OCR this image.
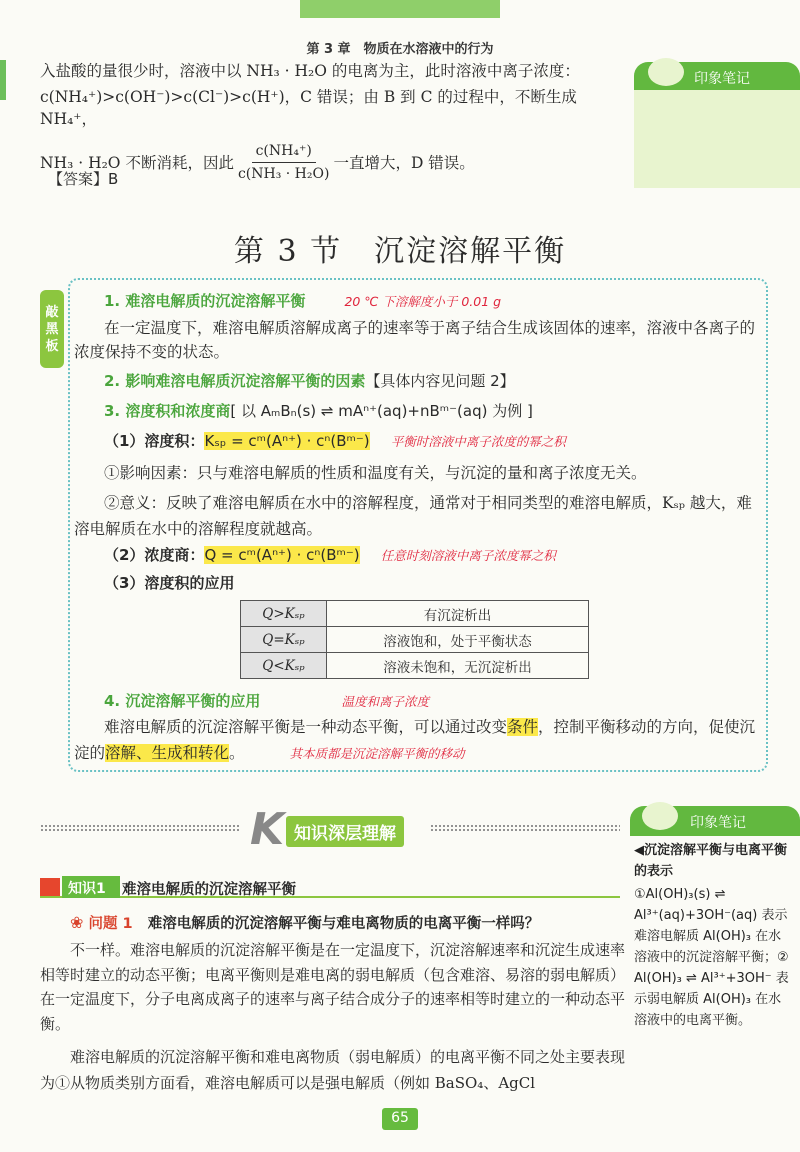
第 3 章　物质在水溶液中的行为
入盐酸的量很少时，溶液中以 NH₃ · H₂O 的电离为主，此时溶液中离子浓度：
c(NH₄⁺)>c(OH⁻)>c(Cl⁻)>c(H⁺)，C 错误；由 B 到 C 的过程中，不断生成 NH₄⁺，
NH₃ · H₂O 不断消耗，因此 $\frac{\text{c(NH₄⁺)}}{\text{c(NH₃ · H₂O)}}$ 一直增大，D 错误。
【答案】B
印象笔记
第 3 节　沉淀溶解平衡
敲黑板
1. 难溶电解质的沉淀溶解平衡	20 ℃ 下溶解度小于 0.01 g
在一定温度下，难溶电解质溶解成离子的速率等于离子结合生成该固体的速率，溶液中各离子的浓度保持不变的状态。
2. 影响难溶电解质沉淀溶解平衡的因素【具体内容见问题 2】
3. 溶度积和浓度商[ 以 AₘBₙ(s) ⇌ mAⁿ⁺(aq)+nBᵐ⁻(aq) 为例 ]
（1）溶度积：Kₛₚ = cᵐ(Aⁿ⁺) · cⁿ(Bᵐ⁻) 平衡时溶液中离子浓度的幂之积
①影响因素：只与难溶电解质的性质和温度有关，与沉淀的量和离子浓度无关。
②意义：反映了难溶电解质在水中的溶解程度，通常对于相同类型的难溶电解质，Kₛₚ 越大，难溶电解质在水中的溶解程度就越高。
（2）浓度商：Q = cᵐ(Aⁿ⁺) · cⁿ(Bᵐ⁻) 任意时刻溶液中离子浓度幂之积
（3）溶度积的应用
Q>Kₛₚ	有沉淀析出
Q=Kₛₚ	溶液饱和，处于平衡状态
Q<Kₛₚ	溶液未饱和，无沉淀析出
4. 沉淀溶解平衡的应用	温度和离子浓度
难溶电解质的沉淀溶解平衡是一种动态平衡，可以通过改变条件，控制平衡移动的方向，促使沉淀的溶解、生成和转化。	其本质都是沉淀溶解平衡的移动
K 知识深层理解
知识1	难溶电解质的沉淀溶解平衡
❀ 问题 1 难溶电解质的沉淀溶解平衡与难电离物质的电离平衡一样吗？
不一样。难溶电解质的沉淀溶解平衡是在一定温度下，沉淀溶解速率和沉淀生成速率相等时建立的动态平衡；电离平衡则是难电离的弱电解质（包含难溶、易溶的弱电解质）在一定温度下，分子电离成离子的速率与离子结合成分子的速率相等时建立的一种动态平衡。
难溶电解质的沉淀溶解平衡和难电离物质（弱电解质）的电离平衡不同之处主要表现为①从物质类别方面看，难溶电解质可以是强电解质（例如 BaSO₄、AgCl
印象笔记
◀沉淀溶解平衡与电离平衡的表示
①Al(OH)₃(s) ⇌ Al³⁺(aq)+3OH⁻(aq) 表示难溶电解质 Al(OH)₃ 在水溶液中的沉淀溶解平衡；② Al(OH)₃ ⇌ Al³⁺+3OH⁻ 表示弱电解质 Al(OH)₃ 在水溶液中的电离平衡。
65
